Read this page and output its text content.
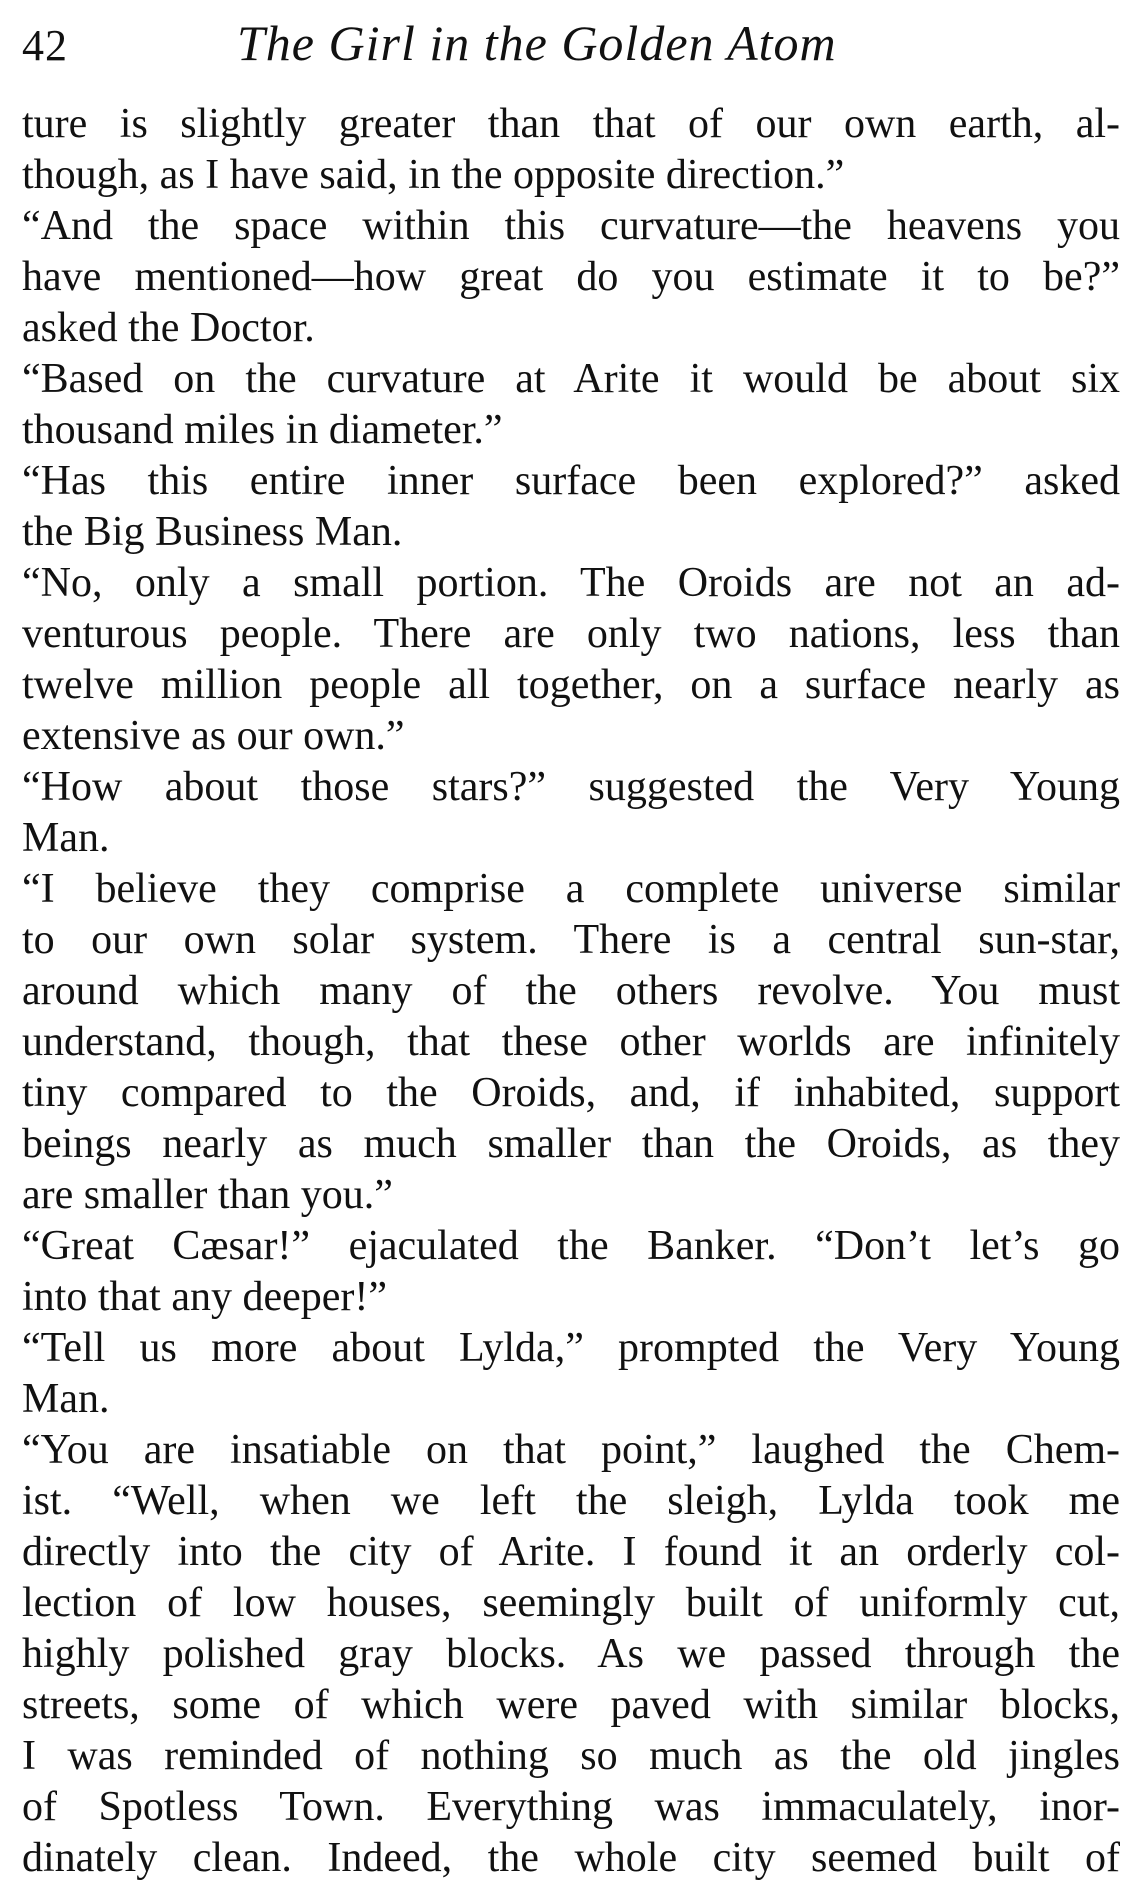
42	The Girl in the Golden Atom
ture is slightly greater than that of our own earth, al-
though, as I have said, in the opposite direction.”
“And the space within this curvature—the heavens you
have mentioned—how great do you estimate it to be?”
asked the Doctor.
“Based on the curvature at Arite it would be about six
thousand miles in diameter.”
“Has this entire inner surface been explored?” asked
the Big Business Man.
“No, only a small portion. The Oroids are not an ad-
venturous people. There are only two nations, less than
twelve million people all together, on a surface nearly as
extensive as our own.”
“How about those stars?” suggested the Very Young
Man.
“I believe they comprise a complete universe similar
to our own solar system. There is a central sun-star,
around which many of the others revolve. You must
understand, though, that these other worlds are infinitely
tiny compared to the Oroids, and, if inhabited, support
beings nearly as much smaller than the Oroids, as they
are smaller than you.”
“Great Cæsar!” ejaculated the Banker. “Don’t let’s go
into that any deeper!”
“Tell us more about Lylda,” prompted the Very Young
Man.
“You are insatiable on that point,” laughed the Chem-
ist. “Well, when we left the sleigh, Lylda took me
directly into the city of Arite. I found it an orderly col-
lection of low houses, seemingly built of uniformly cut,
highly polished gray blocks. As we passed through the
streets, some of which were paved with similar blocks,
I was reminded of nothing so much as the old jingles
of Spotless Town. Everything was immaculately, inor-
dinately clean. Indeed, the whole city seemed built of
